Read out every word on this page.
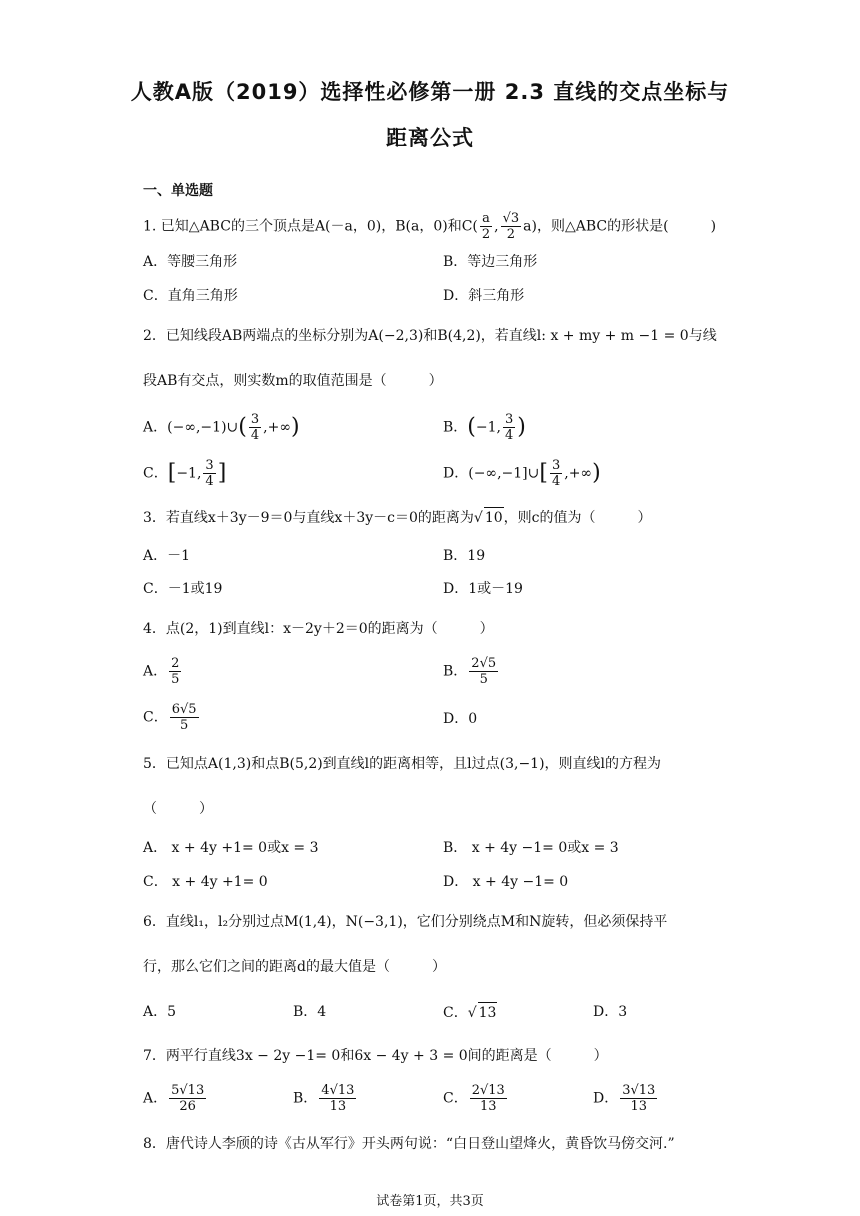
人教A版（2019）选择性必修第一册 2.3 直线的交点坐标与
距离公式
一、单选题
1. 已知△ABC的三个顶点是A(－a，0)，B(a，0)和$C( \frac{a}{2}$ , $\frac{√3}{2} a$)，则△ABC的形状是(　　　)
A．等腰三角形	B．等边三角形
C．直角三角形	D．斜三角形
2．已知线段AB两端点的坐标分别为A(−2,3)和B(4,2)，若直线l: x + my + m −1 = 0与线
段AB有交点，则实数m的取值范围是（　　　）
A．(−∞,−1)∪( $\frac{3}{4}$ ,+∞)	B．(−1, $\frac{3}{4}$ )
C．[−1, $\frac{3}{4}$ ]	D．(−∞,−1]∪[ $\frac{3}{4}$ ,+∞)
3．若直线x＋3y－9＝0与直线x＋3y－c＝0的距离为 √ 10，则c的值为（　　　）
A．－1	B．19
C．－1或19	D．1或－19
4．点(2，1)到直线l：x－2y＋2＝0的距离为（　　　）
A． $\frac{2}{5}$	B． $\frac{2√5}{5}$
C． $\frac{6√5}{5}$	D．0
5．已知点A(1,3)和点B(5,2)到直线l的距离相等，且l过点(3,−1)，则直线l的方程为
（　　　）
A． x + 4y +1= 0或x = 3	B． x + 4y −1= 0或x = 3
C． x + 4y +1= 0	D． x + 4y −1= 0
6．直线l₁，l₂分别过点M(1,4)，N(−3,1)，它们分别绕点M和N旋转，但必须保持平
行，那么它们之间的距离d的最大值是（　　　）
A．5	B．4	C． √ 13	D．3
7．两平行直线3x − 2y −1= 0和6x − 4y + 3 = 0间的距离是（　　　）
A． $\frac{5√13}{26}$	B． $\frac{4√13}{13}$	C． $\frac{2√13}{13}$	D． $\frac{3√13}{13}$
8．唐代诗人李颀的诗《古从军行》开头两句说：“白日登山望烽火，黄昏饮马傍交河.”
试卷第1页，共3页
